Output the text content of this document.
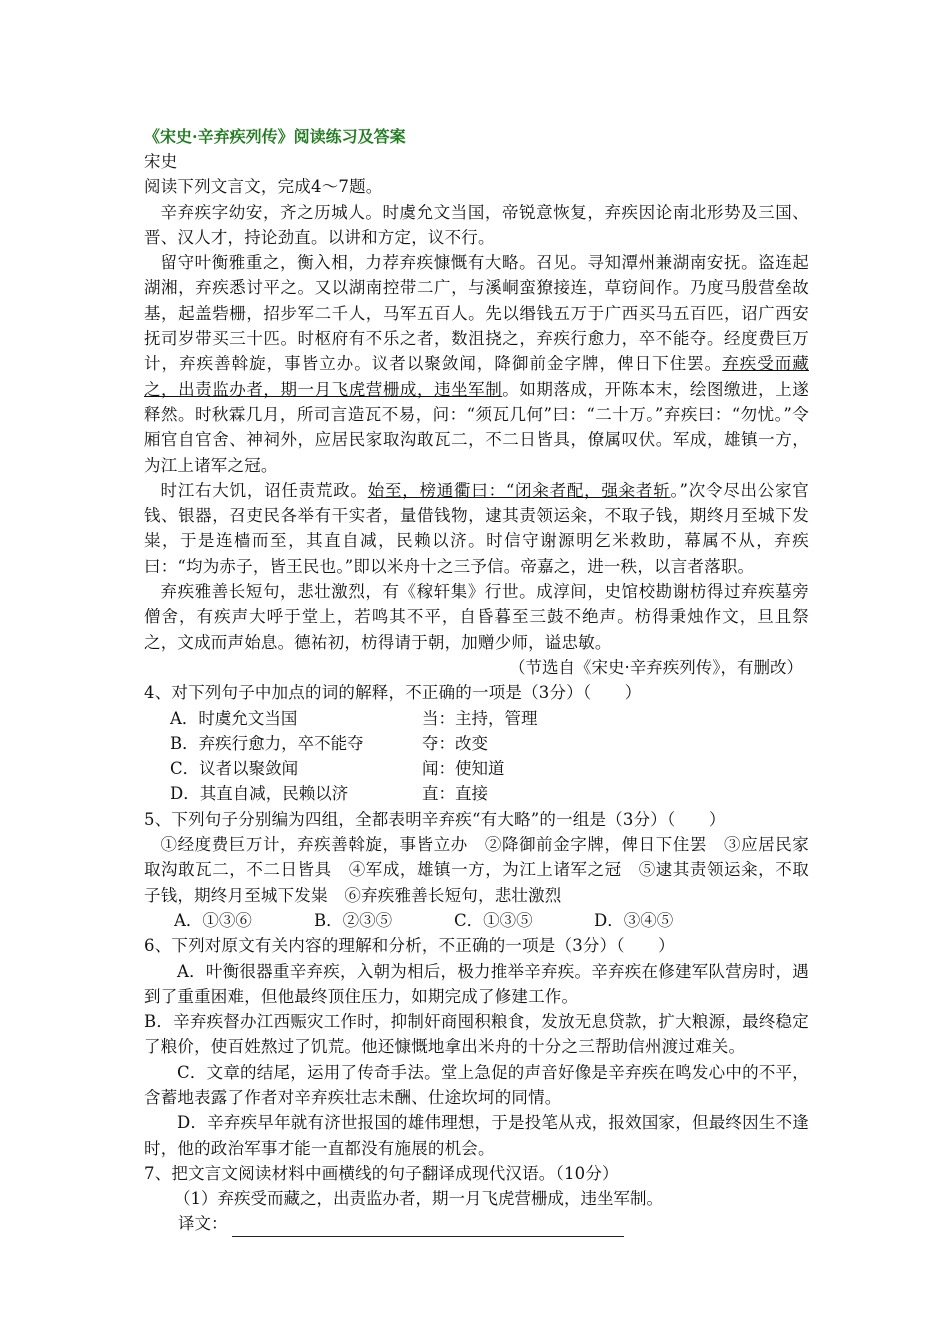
《宋史·辛弃疾列传》阅读练习及答案
宋史
阅读下列文言文，完成4～7题。
辛弃疾字幼安，齐之历城人。时虞允文当国，帝锐意恢复，弃疾因论南北形势及三国、晋、汉人才，持论劲直。以讲和方定，议不行。
留守叶衡雅重之，衡入相，力荐弃疾慷慨有大略。召见。寻知潭州兼湖南安抚。盗连起湖湘，弃疾悉讨平之。又以湖南控带二广，与溪峒蛮獠接连，草窃间作。乃度马殷营垒故基，起盖砦栅，招步军二千人，马军五百人。先以缗钱五万于广西买马五百匹，诏广西安抚司岁带买三十匹。时枢府有不乐之者，数沮挠之，弃疾行愈力，卒不能夺。经度费巨万计，弃疾善斡旋，事皆立办。议者以聚敛闻，降御前金字牌，俾日下住罢。弃疾受而藏之，出责监办者，期一月飞虎营栅成，违坐军制。如期落成，开陈本末，绘图缴进，上遂释然。时秋霖几月，所司言造瓦不易，问：“须瓦几何”曰：“二十万。”弃疾曰：“勿忧。”令厢官自官舍、神祠外，应居民家取沟敢瓦二，不二日皆具，僚属叹伏。军成，雄镇一方，为江上诸军之冠。
时江右大饥，诏任责荒政。始至，榜通衢曰：“闭籴者配，强籴者斩。”次令尽出公家官钱、银器，召吏民各举有干实者，量借钱物，逮其责领运籴，不取子钱，期终月至城下发粜，于是连樯而至，其直自减，民赖以济。时信守谢源明乞米救助，幕属不从，弃疾曰：“均为赤子，皆王民也。”即以米舟十之三予信。帝嘉之，进一秩，以言者落职。
弃疾雅善长短句，悲壮激烈，有《稼轩集》行世。成淳间，史馆校勘谢枋得过弃疾墓旁僧舍，有疾声大呼于堂上，若鸣其不平，自昏暮至三鼓不绝声。枋得秉烛作文，旦且祭之，文成而声始息。德祐初，枋得请于朝，加赠少师，谥忠敏。
（节选自《宋史·辛弃疾列传》，有删改）
4、对下列句子中加点的词的解释，不正确的一项是（3分）（　　）
A．时虞允文当国	当：主持，管理
B．弃疾行愈力，卒不能夺	夺：改变
C．议者以聚敛闻	闻：使知道
D．其直自减，民赖以济	直：直接
5、下列句子分别编为四组，全都表明辛弃疾“有大略”的一组是（3分）（　　）
①经度费巨万计，弃疾善斡旋，事皆立办　②降御前金字牌，俾日下住罢　③应居民家取沟敢瓦二，不二日皆具　④军成，雄镇一方，为江上诸军之冠　⑤逮其责领运籴，不取子钱，期终月至城下发粜　⑥弃疾雅善长短句，悲壮激烈
A．①③⑥	B．②③⑤	C．①③⑤	D．③④⑤
6、下列对原文有关内容的理解和分析，不正确的一项是（3分）（　　）
A．叶衡很器重辛弃疾，入朝为相后，极力推举辛弃疾。辛弃疾在修建军队营房时，遇到了重重困难，但他最终顶住压力，如期完成了修建工作。
B．辛弃疾督办江西赈灾工作时，抑制奸商囤积粮食，发放无息贷款，扩大粮源，最终稳定了粮价，使百姓熬过了饥荒。他还慷慨地拿出米舟的十分之三帮助信州渡过难关。
C．文章的结尾，运用了传奇手法。堂上急促的声音好像是辛弃疾在鸣发心中的不平，含蓄地表露了作者对辛弃疾壮志未酬、仕途坎坷的同情。
D．辛弃疾早年就有济世报国的雄伟理想，于是投笔从戎，报效国家，但最终因生不逢时，他的政治军事才能一直都没有施展的机会。
7、把文言文阅读材料中画横线的句子翻译成现代汉语。（10分）
（1）弃疾受而藏之，出责监办者，期一月飞虎营栅成，违坐军制。
译文：
